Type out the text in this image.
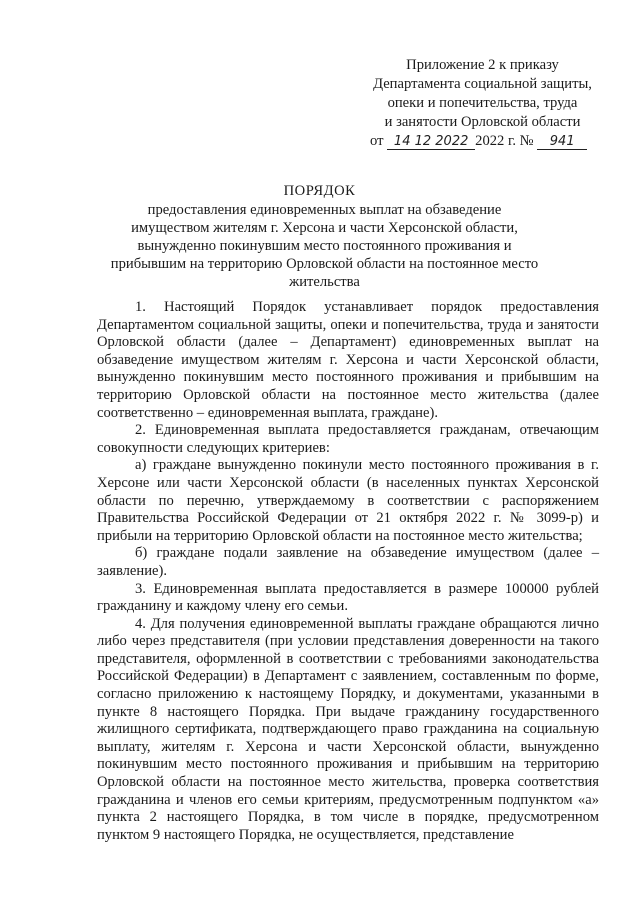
Приложение 2 к приказу
Департамента социальной защиты,
опеки и попечительства, труда
и занятости Орловской области
от 14 12 2022 2022 г. № 941
ПОРЯДОК
предоставления единовременных выплат на обзаведение имуществом жителям г. Херсона и части Херсонской области, вынужденно покинувшим место постоянного проживания и прибывшим на территорию Орловской области на постоянное место жительства

1. Настоящий Порядок устанавливает порядок предоставления Департаментом социальной защиты, опеки и попечительства, труда и занятости Орловской области (далее – Департамент) единовременных выплат на обзаведение имуществом жителям г. Херсона и части Херсонской области, вынужденно покинувшим место постоянного проживания и прибывшим на территорию Орловской области на постоянное место жительства (далее соответственно – единовременная выплата, граждане).

2. Единовременная выплата предоставляется гражданам, отвечающим совокупности следующих критериев:

а) граждане вынужденно покинули место постоянного проживания в г. Херсоне или части Херсонской области (в населенных пунктах Херсонской области по перечню, утверждаемому в соответствии с распоряжением Правительства Российской Федерации от 21 октября 2022 г. № 3099-р) и прибыли на территорию Орловской области на постоянное место жительства;

б) граждане подали заявление на обзаведение имуществом (далее – заявление).

3. Единовременная выплата предоставляется в размере 100000 рублей гражданину и каждому члену его семьи.

4. Для получения единовременной выплаты граждане обращаются лично либо через представителя (при условии представления доверенности на такого представителя, оформленной в соответствии с требованиями законодательства Российской Федерации) в Департамент с заявлением, составленным по форме, согласно приложению к настоящему Порядку, и документами, указанными в пункте 8 настоящего Порядка. При выдаче гражданину государственного жилищного сертификата, подтверждающего право гражданина на социальную выплату, жителям г. Херсона и части Херсонской области, вынужденно покинувшим место постоянного проживания и прибывшим на территорию Орловской области на постоянное место жительства, проверка соответствия гражданина и членов его семьи критериям, предусмотренным подпунктом «а» пункта 2 настоящего Порядка, в том числе в порядке, предусмотренном пунктом 9 настоящего Порядка, не осуществляется, представление
